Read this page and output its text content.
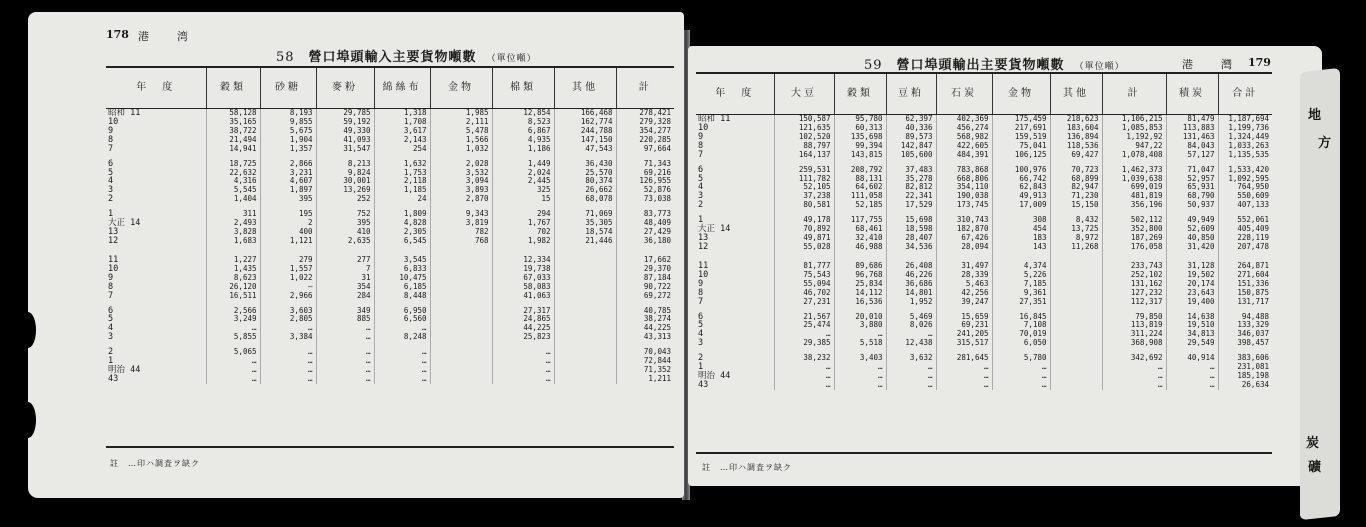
178 港　　湾
58 營口埠頭輸入主要貨物噸數 （單位噸）
年　度	穀類	砂糖	麥粉	綿絲布	金物	棉類	其他	計
昭和 11	58,128	8,193	29,785	1,318	1,985	12,854	166,468	278,421
10	35,165	9,855	59,192	1,708	2,111	8,523	162,774	279,328
9	38,722	5,675	49,330	3,617	5,478	6,867	244,788	354,277
8	21,494	1,904	41,093	2,143	1,566	4,935	147,150	220,285
7	14,941	1,357	31,547	254	1,032	1,186	47,543	97,664
6	18,725	2,866	8,213	1,632	2,028	1,449	36,430	71,343
5	22,632	3,231	9,824	1,753	3,532	2,024	25,570	69,216
4	4,316	4,607	30,001	2,118	3,094	2,445	80,374	126,955
3	5,545	1,897	13,269	1,185	3,893	325	26,662	52,876
2	1,404	395	252	24	2,870	15	68,078	73,038
1	311	195	752	1,809	9,343	294	71,069	83,773
大正 14	2,493	2	395	4,828	3,819	1,767	35,305	48,409
13	3,828	400	410	2,305	782	702	18,574	27,429
12	1,683	1,121	2,635	6,545	768	1,982	21,446	36,180
11	1,227	279	277	3,545		12,334		17,662
10	1,435	1,557	7	6,833		19,738		29,370
9	8,623	1,022	31	10,475		67,033		87,184
8	26,120	—	354	6,185		58,083		90,722
7	16,511	2,966	284	8,448		41,063		69,272
6	2,566	3,603	349	6,950		27,317		40,785
5	3,249	2,805	885	6,560		24,865		38,274
4	…	…	…	…		44,225		44,225
3	5,855	3,384	…	8,248		25,823		43,313
2	5,065	…	…	…		…		70,043
1	…	…	…	…		…		72,844
明治 44	…	…	…	…		…		71,352
43	…	…	…	…		…		1,211
註　…印ハ調査ヲ缺ク
59 營口埠頭輸出主要貨物噸數 （單位噸）	港　　灣 179
年　度	大豆	穀類	豆粕	石炭	金物	其他	計	積炭	合計
昭和 11	150,587	95,780	62,397	402,369	175,459	218,623	1,106,215	81,479	1,187,694
10	121,635	60,313	40,336	456,274	217,691	183,604	1,085,853	113,883	1,199,736
9	102,520	135,698	89,573	568,982	159,519	136,894	1,192,92	131,463	1,324,449
8	88,797	99,394	142,847	422,605	75,041	118,536	947,22	84,043	1,033,263
7	164,137	143,815	105,600	484,391	106,125	69,427	1,078,408	57,127	1,135,535
6	259,531	208,792	37,483	783,868	100,976	70,723	1,462,373	71,047	1,533,420
5	111,782	88,131	35,278	668,806	66,742	68,899	1,039,638	52,957	1,092,595
4	52,105	64,602	82,812	354,110	62,843	82,947	699,019	65,931	764,950
3	37,238	111,058	22,341	190,038	49,913	71,230	481,819	68,790	550,609
2	80,581	52,185	17,529	173,745	17,009	15,150	356,196	50,937	407,133
1	49,178	117,755	15,698	310,743	308	8,432	502,112	49,949	552,061
大正 14	70,892	68,461	18,598	182,870	454	13,725	352,800	52,609	405,409
13	49,871	32,410	28,407	67,426	183	8,972	187,269	40,850	228,119
12	55,028	46,988	34,536	28,094	143	11,268	176,058	31,420	207,478
11	81,777	89,686	26,408	31,497	4,374		233,743	31,128	264,871
10	75,543	96,768	46,226	28,339	5,226		252,102	19,502	271,604
9	55,094	25,834	36,686	5,463	7,185		131,162	20,174	151,336
8	46,702	14,112	14,801	42,256	9,361		127,232	23,643	150,875
7	27,231	16,536	1,952	39,247	27,351		112,317	19,400	131,717
6	21,567	20,010	5,469	15,659	16,845		79,850	14,638	94,488
5	25,474	3,880	8,026	69,231	7,108		113,819	19,510	133,329
4	…	…	…	241,205	70,019		311,224	34,813	346,037
3	29,385	5,518	12,438	315,517	6,050		368,908	29,549	398,457
2	38,232	3,403	3,632	281,645	5,780		342,692	40,914	383,606
1	…	…	…	…	…		…	…	231,081
明治 44	…	…	…	…	…		…	…	185,198
43	…	…	…	…	…		…	…	26,634
註　…印ハ調査ヲ缺ク
地
方
炭
礦
